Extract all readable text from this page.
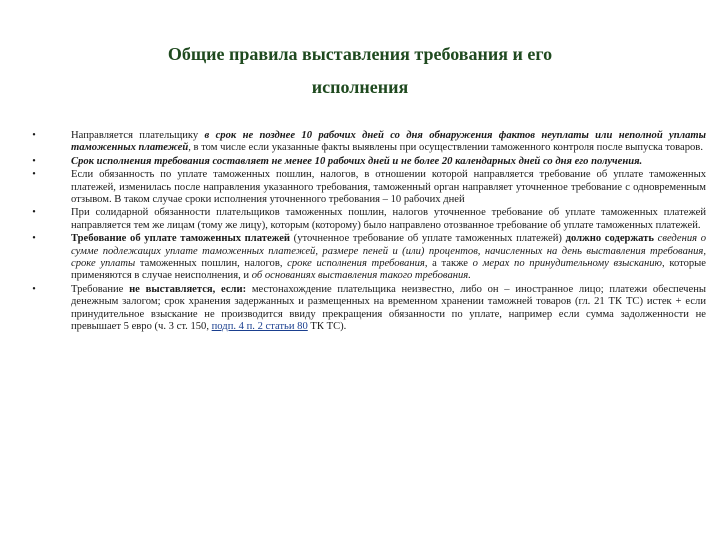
Общие правила выставления требования и его
исполнения
•	Направляется плательщику в срок не позднее 10 рабочих дней со дня обнаружения фактов неуплаты или неполной уплаты таможенных платежей, в том числе если указанные факты выявлены при осуществлении таможенного контроля после выпуска товаров.
•	Срок исполнения требования составляет не менее 10 рабочих дней и не более 20 календарных дней со дня его получения.
•	Если обязанность по уплате таможенных пошлин, налогов, в отношении которой направляется требование об уплате таможенных платежей, изменилась после направления указанного требования, таможенный орган направляет уточненное требование с одновременным отзывом. В таком случае сроки исполнения уточненного требования – 10 рабочих дней
•	При солидарной обязанности плательщиков таможенных пошлин, налогов уточненное требование об уплате таможенных платежей направляется тем же лицам (тому же лицу), которым (которому) было направлено отозванное требование об уплате таможенных платежей.
•	Требование об уплате таможенных платежей (уточненное требование об уплате таможенных платежей) должно содержать сведения о сумме подлежащих уплате таможенных платежей, размере пеней и (или) процентов, начисленных на день выставления требования, сроке уплаты таможенных пошлин, налогов, сроке исполнения требования, а также о мерах по принудительному взысканию, которые применяются в случае неисполнения, и об основаниях выставления такого требования.
•	Требование не выставляется, если: местонахождение плательщика неизвестно, либо он – иностранное лицо; платежи обеспечены денежным залогом; срок хранения задержанных и размещенных на временном хранении таможней товаров (гл. 21 ТК ТС) истек + если принудительное взыскание не производится ввиду прекращения обязанности по уплате, например если сумма задолженности не превышает 5 евро (ч. 3 ст. 150, подп. 4 п. 2 статьи 80 ТК ТС).
